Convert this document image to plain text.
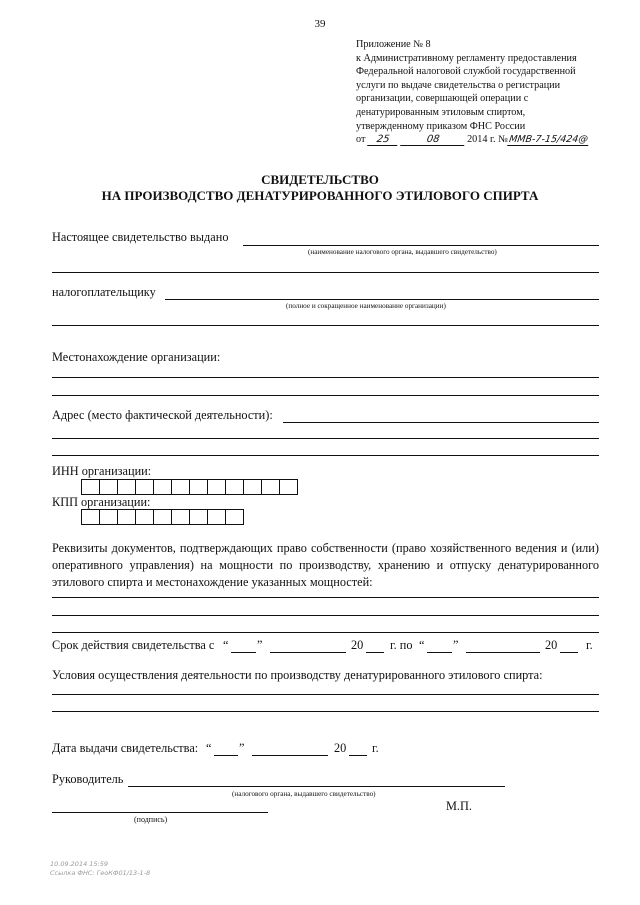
39
Приложение № 8
к Административному регламенту предоставления
Федеральной налоговой службой государственной
услуги по выдаче свидетельства о регистрации
организации, совершающей операции с
денатурированным этиловым спиртом,
утвержденному приказом ФНС России
от 25	08	2014 г. №ММВ-7-15/424@
СВИДЕТЕЛЬСТВО
НА ПРОИЗВОДСТВО ДЕНАТУРИРОВАННОГО ЭТИЛОВОГО СПИРТА
Настоящее свидетельство выдано
(наименование налогового органа, выдавшего свидетельство)
налогоплательщику
(полное и сокращенное наименование организации)
Местонахождение организации:
Адрес (место фактической деятельности):
ИНН организации:
КПП организации:
Реквизиты документов, подтверждающих право собственности (право хозяйственного ведения и (или) оперативного управления) на мощности по производству, хранению и отпуску денатурированного этилового спирта и местонахождение указанных мощностей:
Срок действия свидетельства с “ ”	20 г. по “ ”	20 г.
Условия осуществления деятельности по производству денатурированного этилового спирта:
Дата выдачи свидетельства: “ ”	20 г.
Руководитель
(налогового органа, выдавшего свидетельство)
М.П.
(подпись)
10.09.2014 15:59
Ссылка ФНС: ГеоКФ01/13-1-8
